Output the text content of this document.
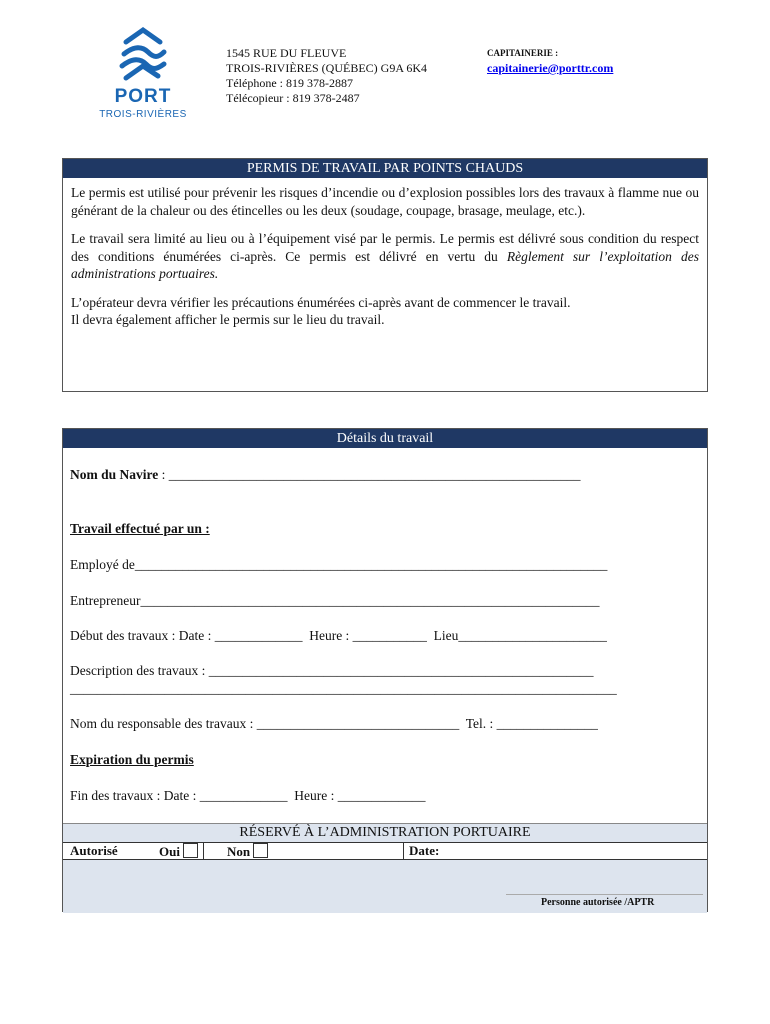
PORT
TROIS-RIVIÈRES
1545 RUE DU FLEUVE
TROIS-RIVIÈRES (QUÉBEC) G9A 6K4
Téléphone : 819 378-2887
Télécopieur : 819 378-2487
CAPITAINERIE :
capitainerie@porttr.com
PERMIS DE TRAVAIL PAR POINTS CHAUDS

Le permis est utilisé pour prévenir les risques d’incendie ou d’explosion possibles lors des travaux à flamme nue ou générant de la chaleur ou des étincelles ou les deux (soudage, coupage, brasage, meulage, etc.).

Le travail sera limité au lieu ou à l’équipement visé par le permis. Le permis est délivré sous condition du respect des conditions énumérées ci-après. Ce permis est délivré en vertu du Règlement sur l’exploitation des administrations portuaires.

L’opérateur devra vérifier les précautions énumérées ci-après avant de commencer le travail.
Il devra également afficher le permis sur le lieu du travail.

Détails du travail
Nom du Navire : _____________________________________________________________
Travail effectué par un :
Employé de______________________________________________________________________
Entrepreneur____________________________________________________________________
Début des travaux : Date : _____________  Heure : ___________  Lieu______________________
Description des travaux : _________________________________________________________
_________________________________________________________________________________
Nom du responsable des travaux : ______________________________  Tel. : _______________
Expiration du permis
Fin des travaux : Date : _____________  Heure : _____________
RÉSERVÉ À L’ADMINISTRATION PORTUAIRE
Autorisé	Oui	Non	Date:
Personne autorisée /APTR
